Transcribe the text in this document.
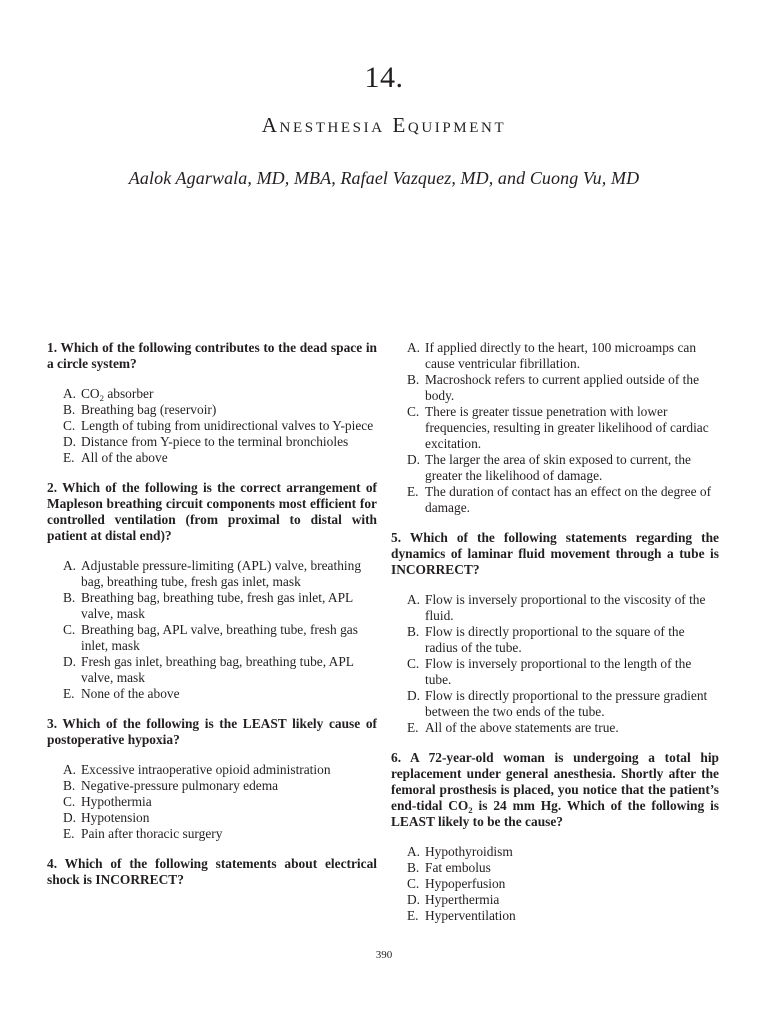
14.
Anesthesia Equipment
Aalok Agarwala, MD, MBA, Rafael Vazquez, MD, and Cuong Vu, MD

1. Which of the following contributes to the dead space in a circle system?

A. $CO_2$ absorber
B. Breathing bag (reservoir)
C. Length of tubing from unidirectional valves to Y-piece
D. Distance from Y-piece to the terminal bronchioles
E. All of the above

2. Which of the following is the correct arrangement of Mapleson breathing circuit components most efficient for controlled ventilation (from proximal to distal with patient at distal end)?

A. Adjustable pressure-limiting (APL) valve, breathing bag, breathing tube, fresh gas inlet, mask
B. Breathing bag, breathing tube, fresh gas inlet, APL valve, mask
C. Breathing bag, APL valve, breathing tube, fresh gas inlet, mask
D. Fresh gas inlet, breathing bag, breathing tube, APL valve, mask
E. None of the above

3. Which of the following is the LEAST likely cause of postoperative hypoxia?

A. Excessive intraoperative opioid administration
B. Negative-pressure pulmonary edema
C. Hypothermia
D. Hypotension
E. Pain after thoracic surgery

4. Which of the following statements about electrical shock is INCORRECT?

A. If applied directly to the heart, 100 microamps can cause ventricular fibrillation.
B. Macroshock refers to current applied outside of the body.
C. There is greater tissue penetration with lower frequencies, resulting in greater likelihood of cardiac excitation.
D. The larger the area of skin exposed to current, the greater the likelihood of damage.
E. The duration of contact has an effect on the degree of damage.

5. Which of the following statements regarding the dynamics of laminar fluid movement through a tube is INCORRECT?

A. Flow is inversely proportional to the viscosity of the fluid.
B. Flow is directly proportional to the square of the radius of the tube.
C. Flow is inversely proportional to the length of the tube.
D. Flow is directly proportional to the pressure gradient between the two ends of the tube.
E. All of the above statements are true.

6. A 72-year-old woman is undergoing a total hip replacement under general anesthesia. Shortly after the femoral prosthesis is placed, you notice that the patient’s end-tidal $CO_2$ is 24 mm Hg. Which of the following is LEAST likely to be the cause?

A. Hypothyroidism
B. Fat embolus
C. Hypoperfusion
D. Hyperthermia
E. Hyperventilation
390
